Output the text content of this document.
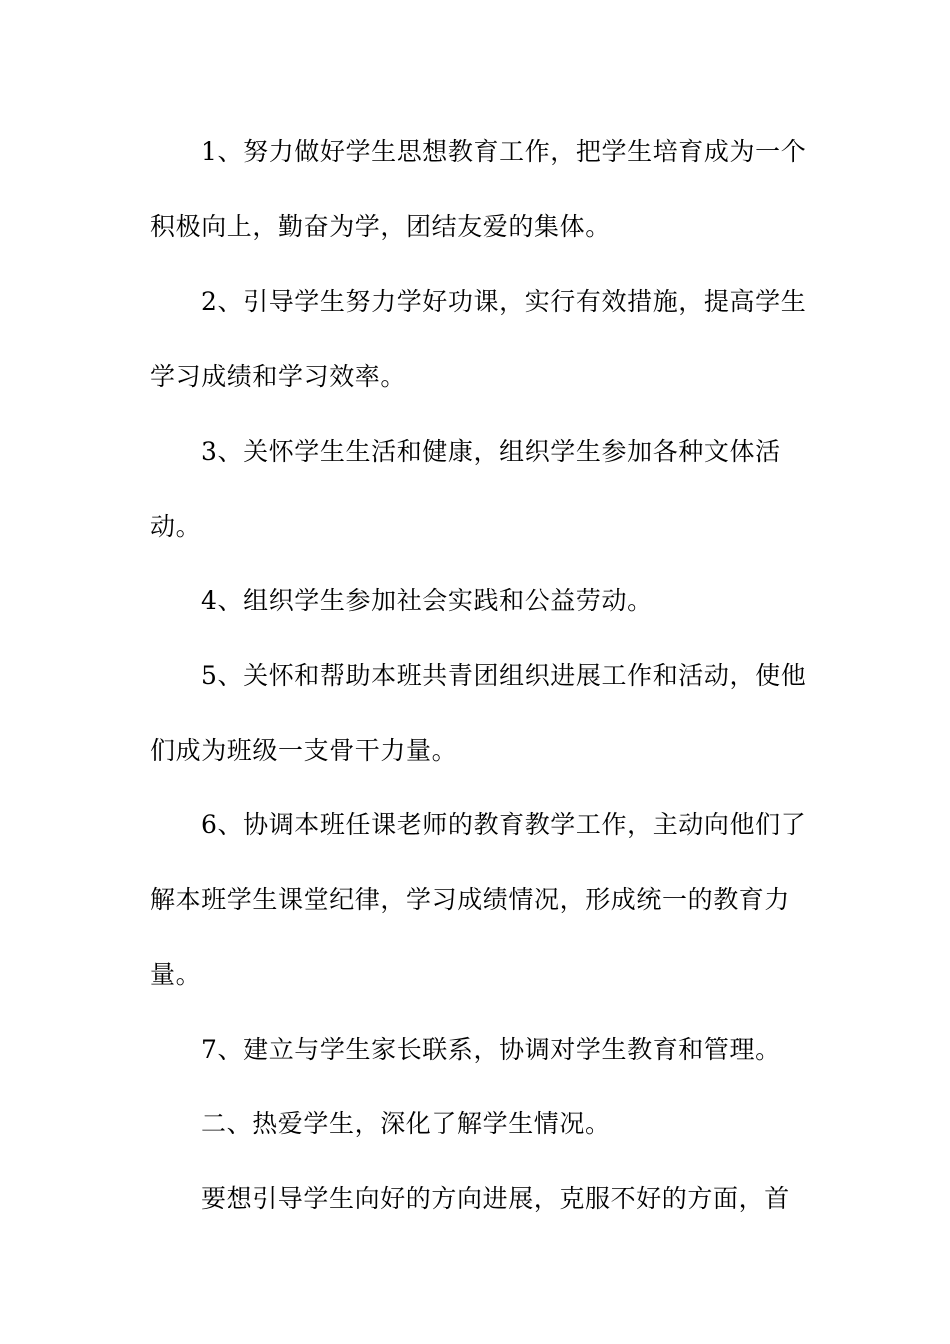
1、努力做好学生思想教育工作，把学生培育成为一个
积极向上，勤奋为学，团结友爱的集体。
2、引导学生努力学好功课，实行有效措施，提高学生
学习成绩和学习效率。
3、关怀学生生活和健康，组织学生参加各种文体活
动。
4、组织学生参加社会实践和公益劳动。
5、关怀和帮助本班共青团组织进展工作和活动，使他
们成为班级一支骨干力量。
6、协调本班任课老师的教育教学工作，主动向他们了
解本班学生课堂纪律，学习成绩情况，形成统一的教育力
量。
7、建立与学生家长联系，协调对学生教育和管理。
二、热爱学生，深化了解学生情况。
要想引导学生向好的方向进展，克服不好的方面，首
